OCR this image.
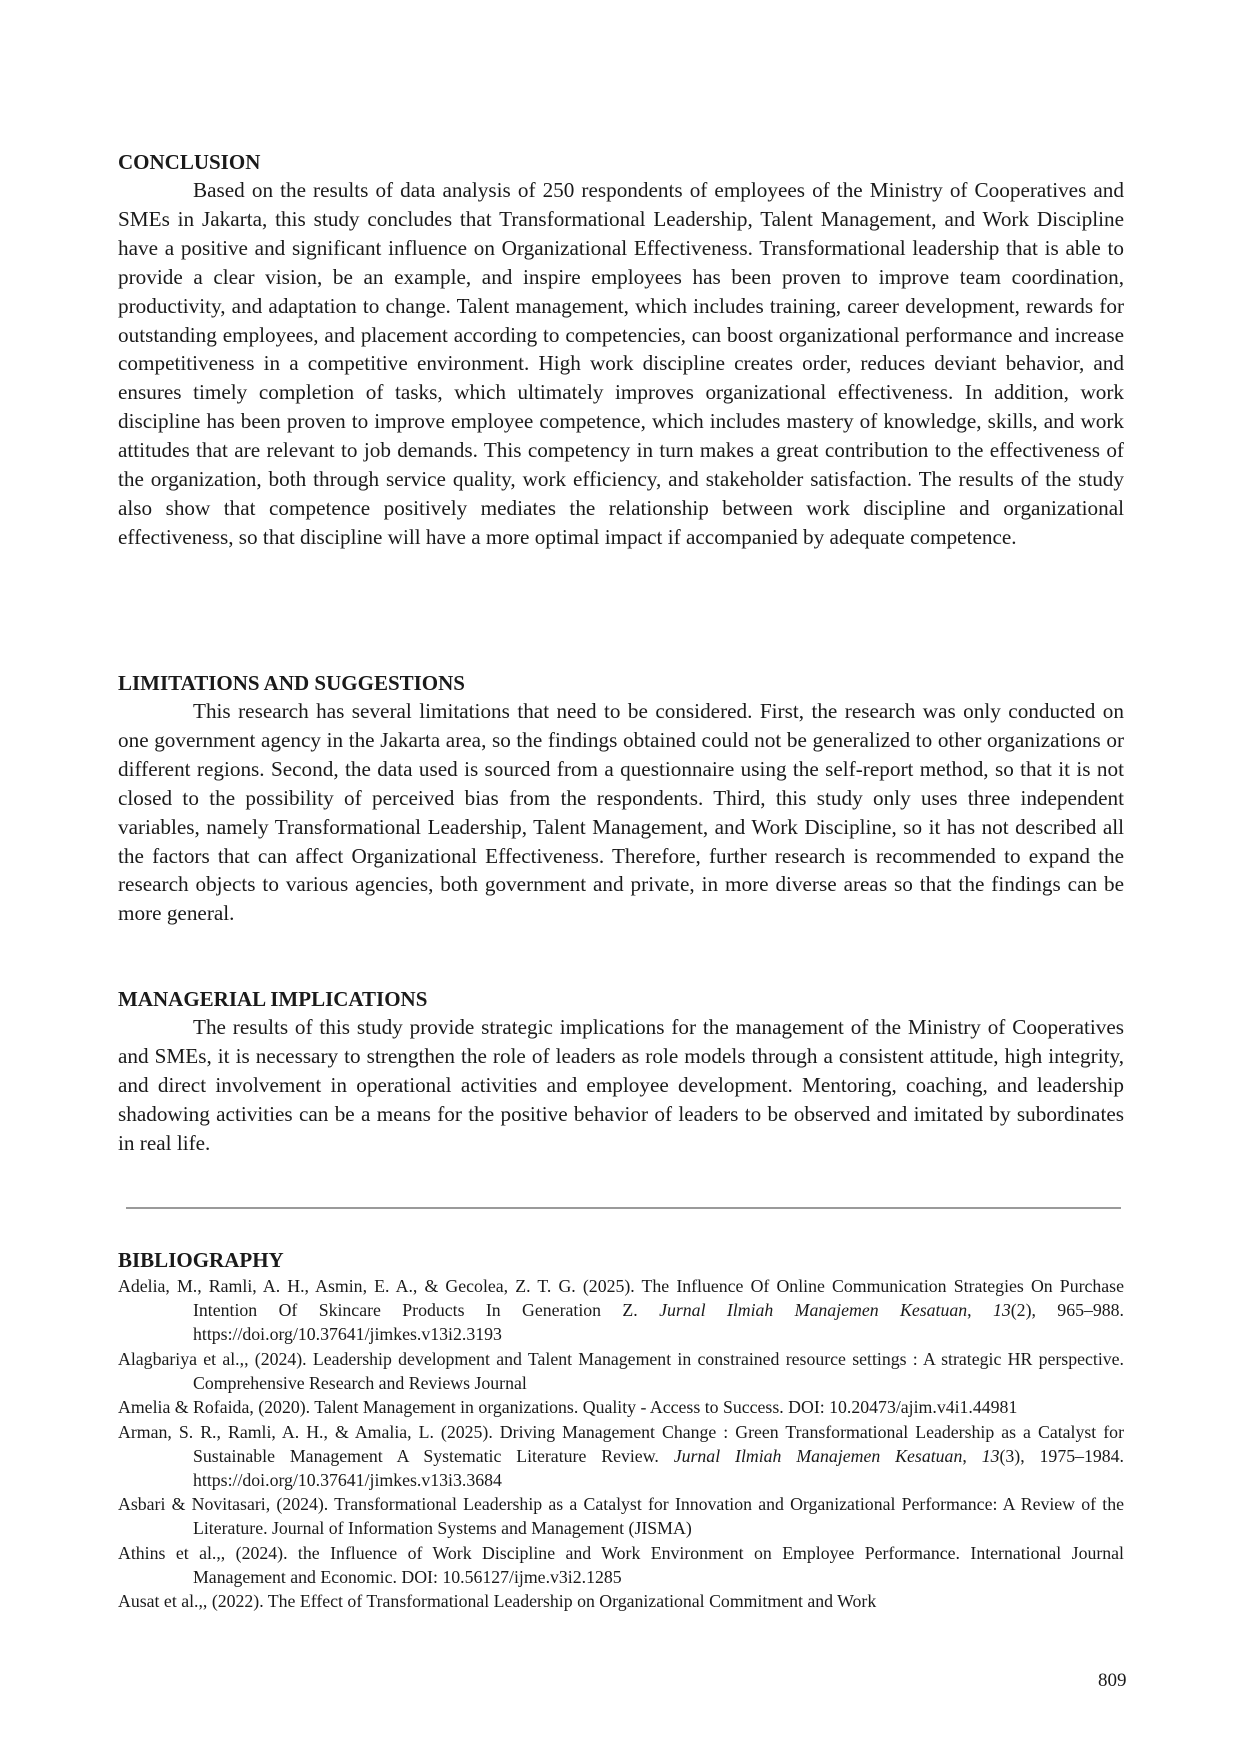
CONCLUSION

Based on the results of data analysis of 250 respondents of employees of the Ministry of Cooperatives and SMEs in Jakarta, this study concludes that Transformational Leadership, Talent Management, and Work Discipline have a positive and significant influence on Organizational Effectiveness. Transformational leadership that is able to provide a clear vision, be an example, and inspire employees has been proven to improve team coordination, productivity, and adaptation to change. Talent management, which includes training, career development, rewards for outstanding employees, and placement according to competencies, can boost organizational performance and increase competitiveness in a competitive environment. High work discipline creates order, reduces deviant behavior, and ensures timely completion of tasks, which ultimately improves organizational effectiveness. In addition, work discipline has been proven to improve employee competence, which includes mastery of knowledge, skills, and work attitudes that are relevant to job demands. This competency in turn makes a great contribution to the effectiveness of the organization, both through service quality, work efficiency, and stakeholder satisfaction. The results of the study also show that competence positively mediates the relationship between work discipline and organizational effectiveness, so that discipline will have a more optimal impact if accompanied by adequate competence.

LIMITATIONS AND SUGGESTIONS

This research has several limitations that need to be considered. First, the research was only conducted on one government agency in the Jakarta area, so the findings obtained could not be generalized to other organizations or different regions. Second, the data used is sourced from a questionnaire using the self-report method, so that it is not closed to the possibility of perceived bias from the respondents. Third, this study only uses three independent variables, namely Transformational Leadership, Talent Management, and Work Discipline, so it has not described all the factors that can affect Organizational Effectiveness. Therefore, further research is recommended to expand the research objects to various agencies, both government and private, in more diverse areas so that the findings can be more general.

MANAGERIAL IMPLICATIONS

The results of this study provide strategic implications for the management of the Ministry of Cooperatives and SMEs, it is necessary to strengthen the role of leaders as role models through a consistent attitude, high integrity, and direct involvement in operational activities and employee development. Mentoring, coaching, and leadership shadowing activities can be a means for the positive behavior of leaders to be observed and imitated by subordinates in real life.

BIBLIOGRAPHY
Adelia, M., Ramli, A. H., Asmin, E. A., & Gecolea, Z. T. G. (2025). The Influence Of Online Communication Strategies On Purchase Intention Of Skincare Products In Generation Z. Jurnal Ilmiah Manajemen Kesatuan, 13(2), 965–988. https://doi.org/10.37641/jimkes.v13i2.3193
Alagbariya et al.,, (2024). Leadership development and Talent Management in constrained resource settings : A strategic HR perspective. Comprehensive Research and Reviews Journal
Amelia & Rofaida, (2020). Talent Management in organizations. Quality - Access to Success. DOI: 10.20473/ajim.v4i1.44981
Arman, S. R., Ramli, A. H., & Amalia, L. (2025). Driving Management Change : Green Transformational Leadership as a Catalyst for Sustainable Management A Systematic Literature Review. Jurnal Ilmiah Manajemen Kesatuan, 13(3), 1975–1984. https://doi.org/10.37641/jimkes.v13i3.3684
Asbari & Novitasari, (2024). Transformational Leadership as a Catalyst for Innovation and Organizational Performance: A Review of the Literature. Journal of Information Systems and Management (JISMA)
Athins et al.,, (2024). the Influence of Work Discipline and Work Environment on Employee Performance. International Journal Management and Economic. DOI: 10.56127/ijme.v3i2.1285
Ausat et al.,, (2022). The Effect of Transformational Leadership on Organizational Commitment and Work
809
